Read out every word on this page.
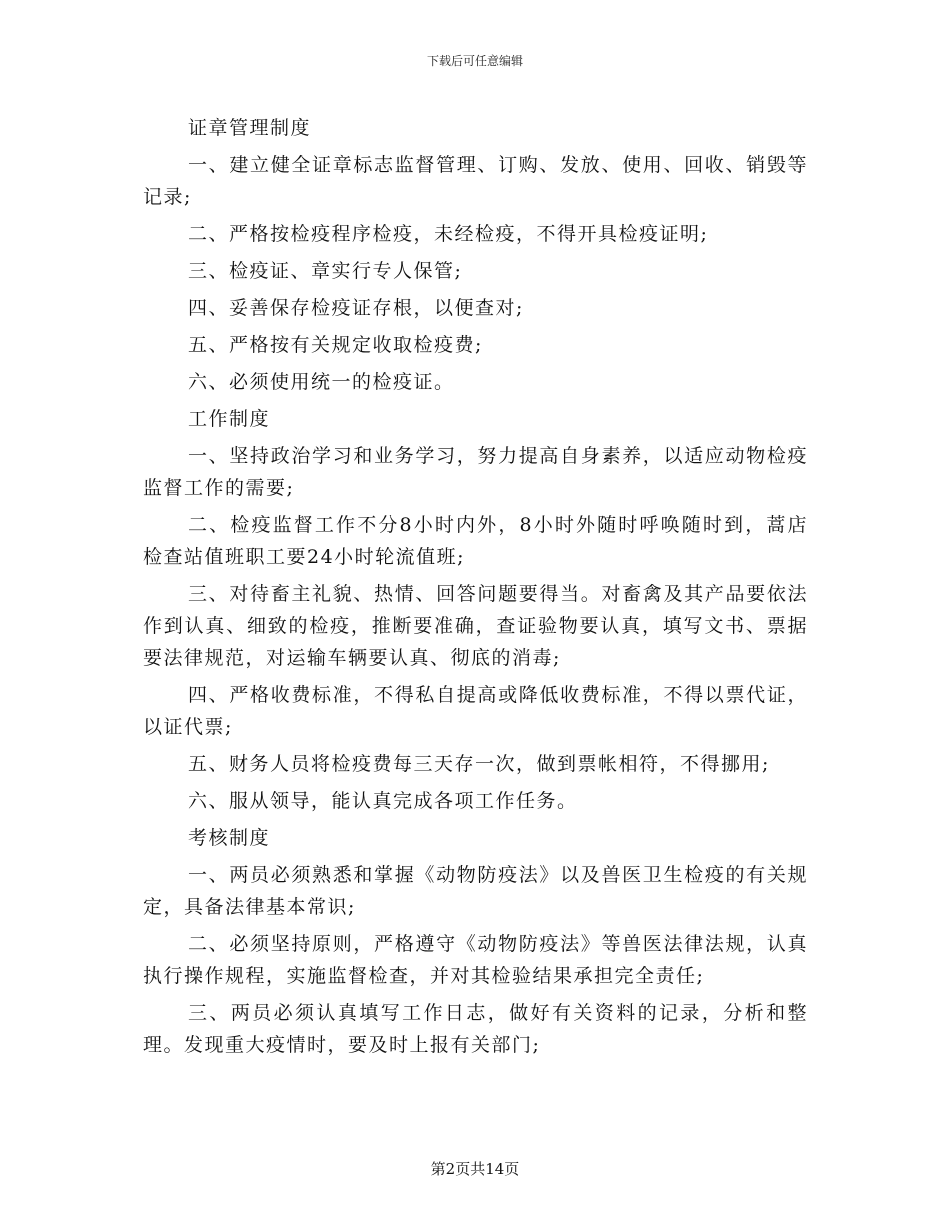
下载后可任意编辑

证章管理制度

一、建立健全证章标志监督管理、订购、发放、使用、回收、销毁等记录;

二、严格按检疫程序检疫，未经检疫，不得开具检疫证明;

三、检疫证、章实行专人保管;

四、妥善保存检疫证存根，以便查对;

五、严格按有关规定收取检疫费;

六、必须使用统一的检疫证。

工作制度

一、坚持政治学习和业务学习，努力提高自身素养，以适应动物检疫监督工作的需要;

二、检疫监督工作不分8小时内外，8小时外随时呼唤随时到，蒿店检查站值班职工要24小时轮流值班;

三、对待畜主礼貌、热情、回答问题要得当。对畜禽及其产品要依法作到认真、细致的检疫，推断要准确，查证验物要认真，填写文书、票据要法律规范，对运输车辆要认真、彻底的消毒;

四、严格收费标准，不得私自提高或降低收费标准，不得以票代证，以证代票;

五、财务人员将检疫费每三天存一次，做到票帐相符，不得挪用;

六、服从领导，能认真完成各项工作任务。

考核制度

一、两员必须熟悉和掌握《动物防疫法》以及兽医卫生检疫的有关规定，具备法律基本常识;

二、必须坚持原则，严格遵守《动物防疫法》等兽医法律法规，认真执行操作规程，实施监督检查，并对其检验结果承担完全责任;

三、两员必须认真填写工作日志，做好有关资料的记录，分析和整理。发现重大疫情时，要及时上报有关部门;

第2页共14页
